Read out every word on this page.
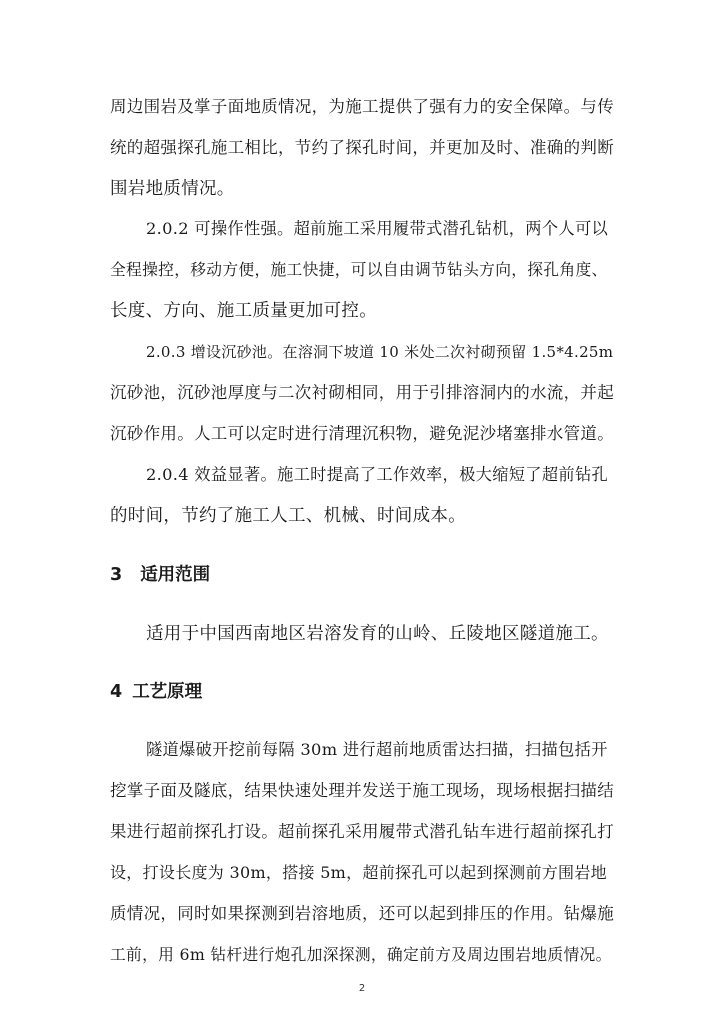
周边围岩及掌子面地质情况，为施工提供了强有力的安全保障。与传
统的超强探孔施工相比，节约了探孔时间，并更加及时、准确的判断
围岩地质情况。
2.0.2 可操作性强。超前施工采用履带式潜孔钻机，两个人可以
全程操控，移动方便，施工快捷，可以自由调节钻头方向，探孔角度、
长度、方向、施工质量更加可控。
2.0.3 增设沉砂池。在溶洞下坡道 10 米处二次衬砌预留 1.5*4.25m
沉砂池，沉砂池厚度与二次衬砌相同，用于引排溶洞内的水流，并起
沉砂作用。人工可以定时进行清理沉积物，避免泥沙堵塞排水管道。
2.0.4 效益显著。施工时提高了工作效率，极大缩短了超前钻孔
的时间，节约了施工人工、机械、时间成本。
3 适用范围
适用于中国西南地区岩溶发育的山岭、丘陵地区隧道施工。
4 工艺原理
隧道爆破开挖前每隔 30m 进行超前地质雷达扫描，扫描包括开
挖掌子面及隧底，结果快速处理并发送于施工现场，现场根据扫描结
果进行超前探孔打设。超前探孔采用履带式潜孔钻车进行超前探孔打
设，打设长度为 30m，搭接 5m，超前探孔可以起到探测前方围岩地
质情况，同时如果探测到岩溶地质，还可以起到排压的作用。钻爆施
工前，用 6m 钻杆进行炮孔加深探测，确定前方及周边围岩地质情况。
2
